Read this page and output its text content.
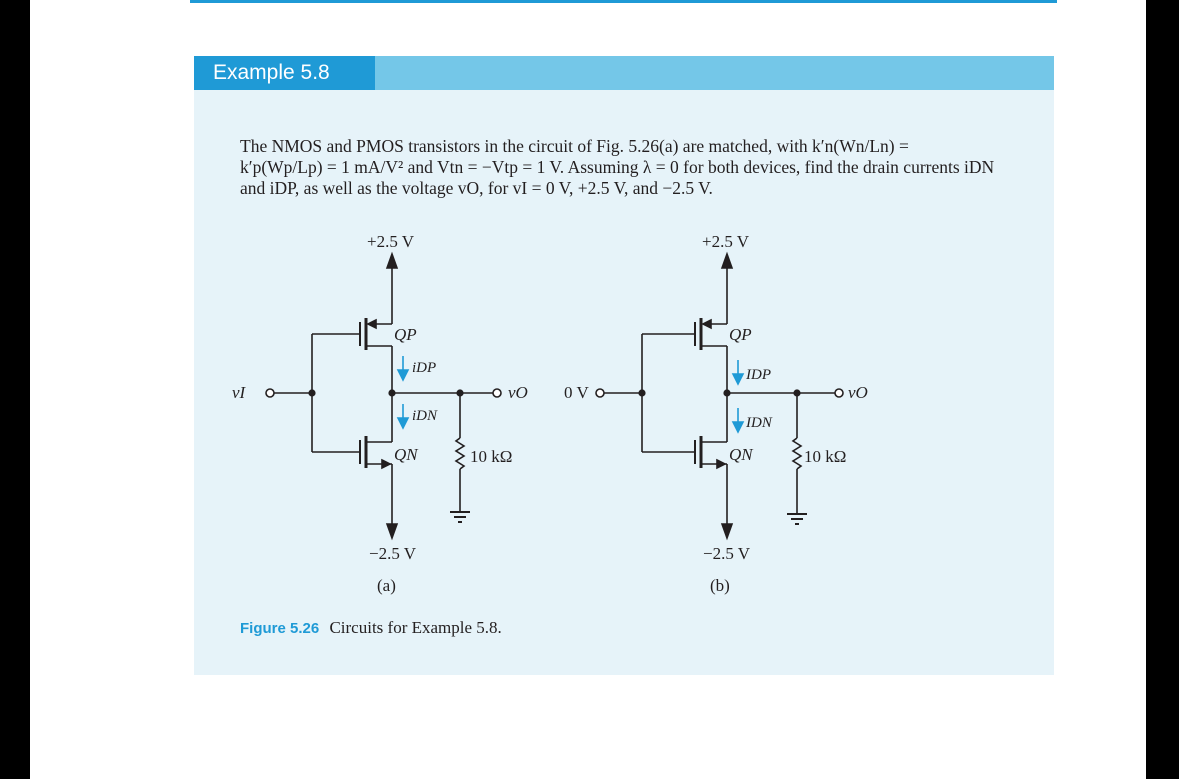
Example 5.8
The NMOS and PMOS transistors in the circuit of Fig. 5.26(a) are matched, with k′n(Wn/Ln) =
k′p(Wp/Lp) = 1 mA/V² and Vtn = −Vtp = 1 V. Assuming λ = 0 for both devices, find the drain currents iDN
and iDP, as well as the voltage vO, for vI = 0 V, +2.5 V, and −2.5 V.
Figure 5.26 Circuits for Example 5.8.
+2.5 V
−2.5 V
vI	vO
QP
QN
iDP
iDN
10 kΩ
(a)
+2.5 V
−2.5 V
0 V	vO
QP
QN
IDP
IDN
10 kΩ
(b)
